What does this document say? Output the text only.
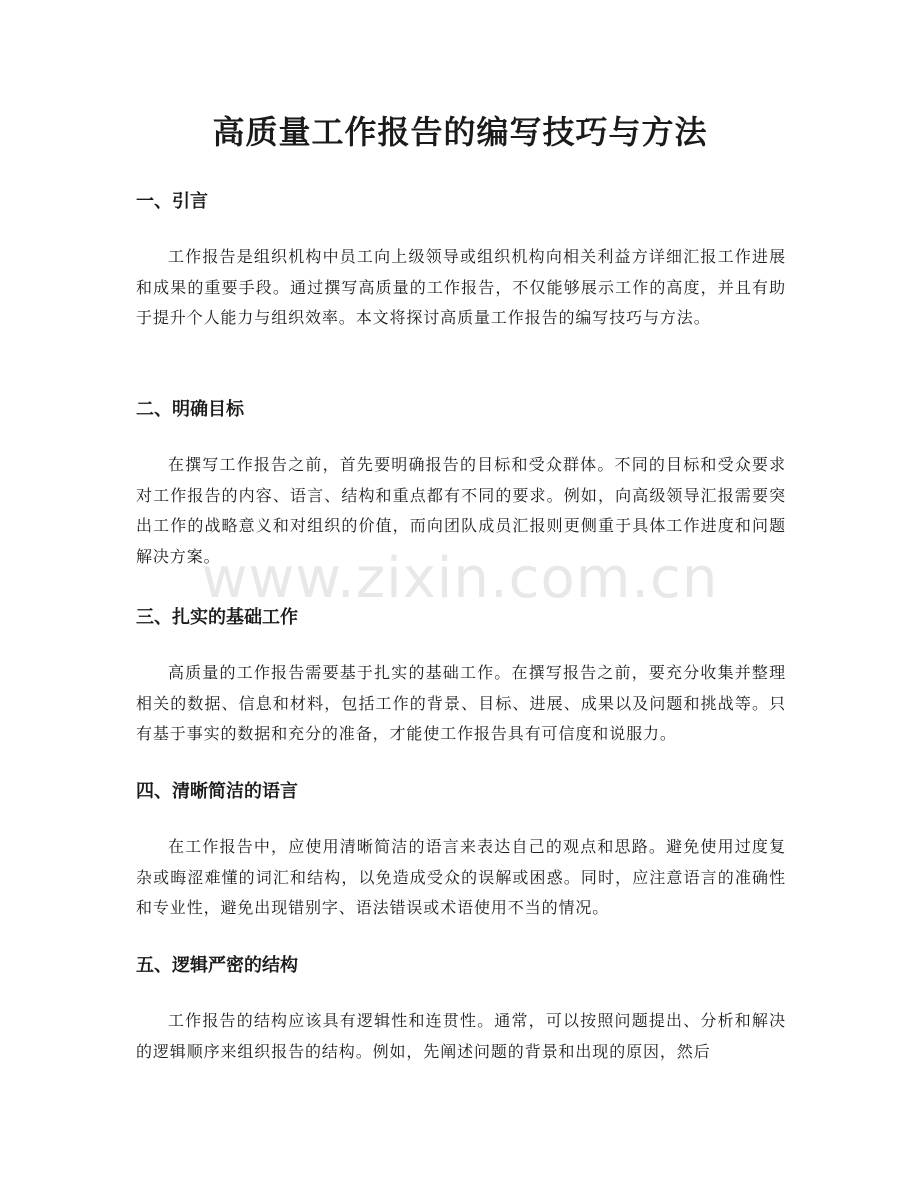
高质量工作报告的编写技巧与方法
一、引言

工作报告是组织机构中员工向上级领导或组织机构向相关利益方详细汇报工作进展和成果的重要手段。通过撰写高质量的工作报告，不仅能够展示工作的高度，并且有助于提升个人能力与组织效率。本文将探讨高质量工作报告的编写技巧与方法。

二、明确目标

在撰写工作报告之前，首先要明确报告的目标和受众群体。不同的目标和受众要求对工作报告的内容、语言、结构和重点都有不同的要求。例如，向高级领导汇报需要突出工作的战略意义和对组织的价值，而向团队成员汇报则更侧重于具体工作进度和问题解决方案。

三、扎实的基础工作

高质量的工作报告需要基于扎实的基础工作。在撰写报告之前，要充分收集并整理相关的数据、信息和材料，包括工作的背景、目标、进展、成果以及问题和挑战等。只有基于事实的数据和充分的准备，才能使工作报告具有可信度和说服力。

四、清晰简洁的语言

在工作报告中，应使用清晰简洁的语言来表达自己的观点和思路。避免使用过度复杂或晦涩难懂的词汇和结构，以免造成受众的误解或困惑。同时，应注意语言的准确性和专业性，避免出现错别字、语法错误或术语使用不当的情况。

五、逻辑严密的结构

工作报告的结构应该具有逻辑性和连贯性。通常，可以按照问题提出、分析和解决的逻辑顺序来组织报告的结构。例如，先阐述问题的背景和出现的原因，然后

www.zixin.com.cn
